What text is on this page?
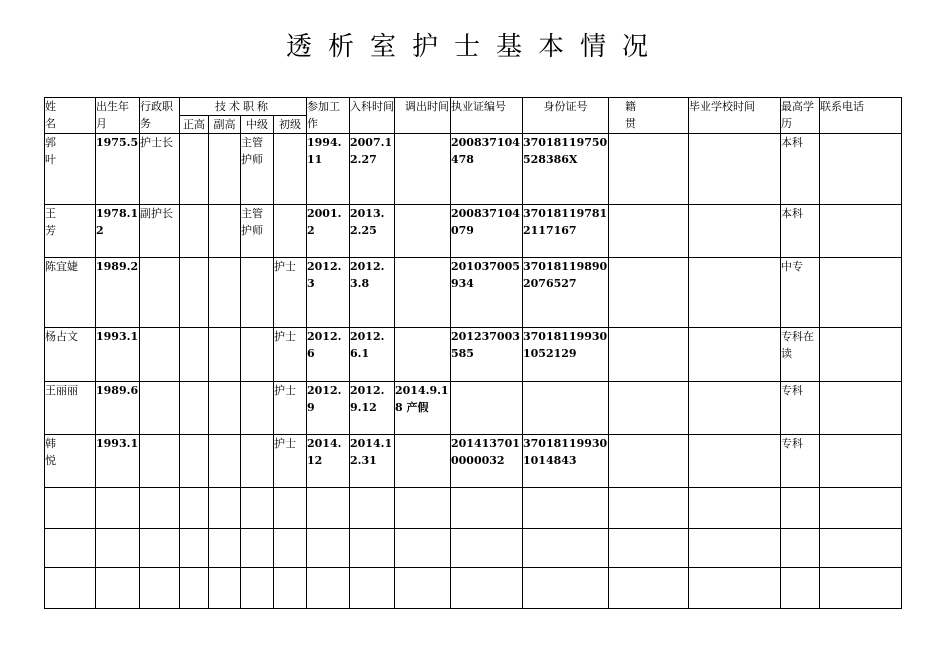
透析室护士基本情况
姓 名	出生年月	行政职务	技术职称				参加工作	入科时间	调出时间	执业证编号	身份证号	籍 贯	毕业学校时间	最高学历	联系电话
			正高	副高	中级	初级									
郭 叶	1975.5	护士长			主管护师		1994.11	2007.12.27		200837104478	37018119750528386X			本科	
王 芳	1978.12	副护长			主管护师		2001.2	2013.2.25		200837104079	370181197812117167			本科	
陈宜婕	1989.2					护士	2012.3	2012.3.8		201037005934	370181198902076527			中专	
杨占文	1993.1					护士	2012.6	2012.6.1		201237003585	370181199301052129			专科在读	
王丽丽	1989.6					护士	2012.9	2012.9.12	2014.9.18 产假					专科	
韩 悦	1993.1					护士	2014.12	2014.12.31		2014137010000032	370181199301014843			专科	
